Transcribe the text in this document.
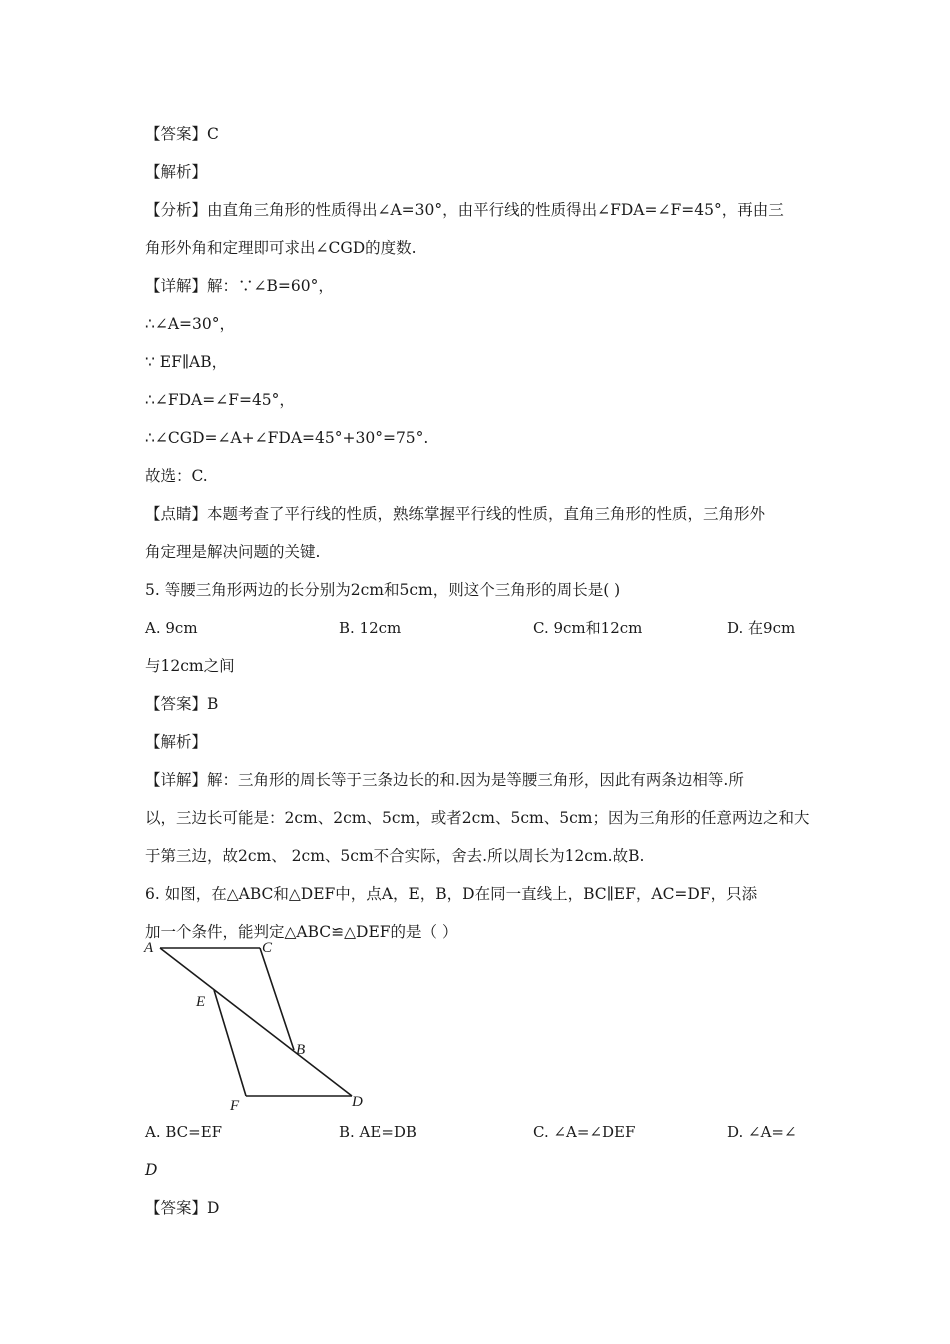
【答案】C
【解析】
【分析】由直角三角形的性质得出∠A=30°，由平行线的性质得出∠FDA=∠F=45°，再由三
角形外角和定理即可求出∠CGD的度数.
【详解】解：∵∠B=60°，
∴∠A=30°，
∵ EF∥AB，
∴∠FDA=∠F=45°，
∴∠CGD=∠A+∠FDA=45°+30°=75°.
故选：C.
【点睛】本题考查了平行线的性质，熟练掌握平行线的性质，直角三角形的性质，三角形外
角定理是解决问题的关键.
5. 等腰三角形两边的长分别为2cm和5cm，则这个三角形的周长是( )
A. 9cm	B. 12cm	C. 9cm和12cm	D. 在9cm
与12cm之间
【答案】B
【解析】
【详解】解：三角形的周长等于三条边长的和.因为是等腰三角形，因此有两条边相等.所
以，三边长可能是：2cm、2cm、5cm，或者2cm、5cm、5cm；因为三角形的任意两边之和大
于第三边，故2cm、 2cm、5cm不合实际，舍去.所以周长为12cm.故B.
6. 如图，在△ABC和△DEF中，点A，E，B，D在同一直线上，BC∥EF，AC=DF，只添
加一个条件，能判定△ABC≌△DEF的是（ ）
A	C
E
B
F	D
A. BC=EF	B. AE=DB	C. ∠A=∠DEF	D. ∠A=∠
D
【答案】D
